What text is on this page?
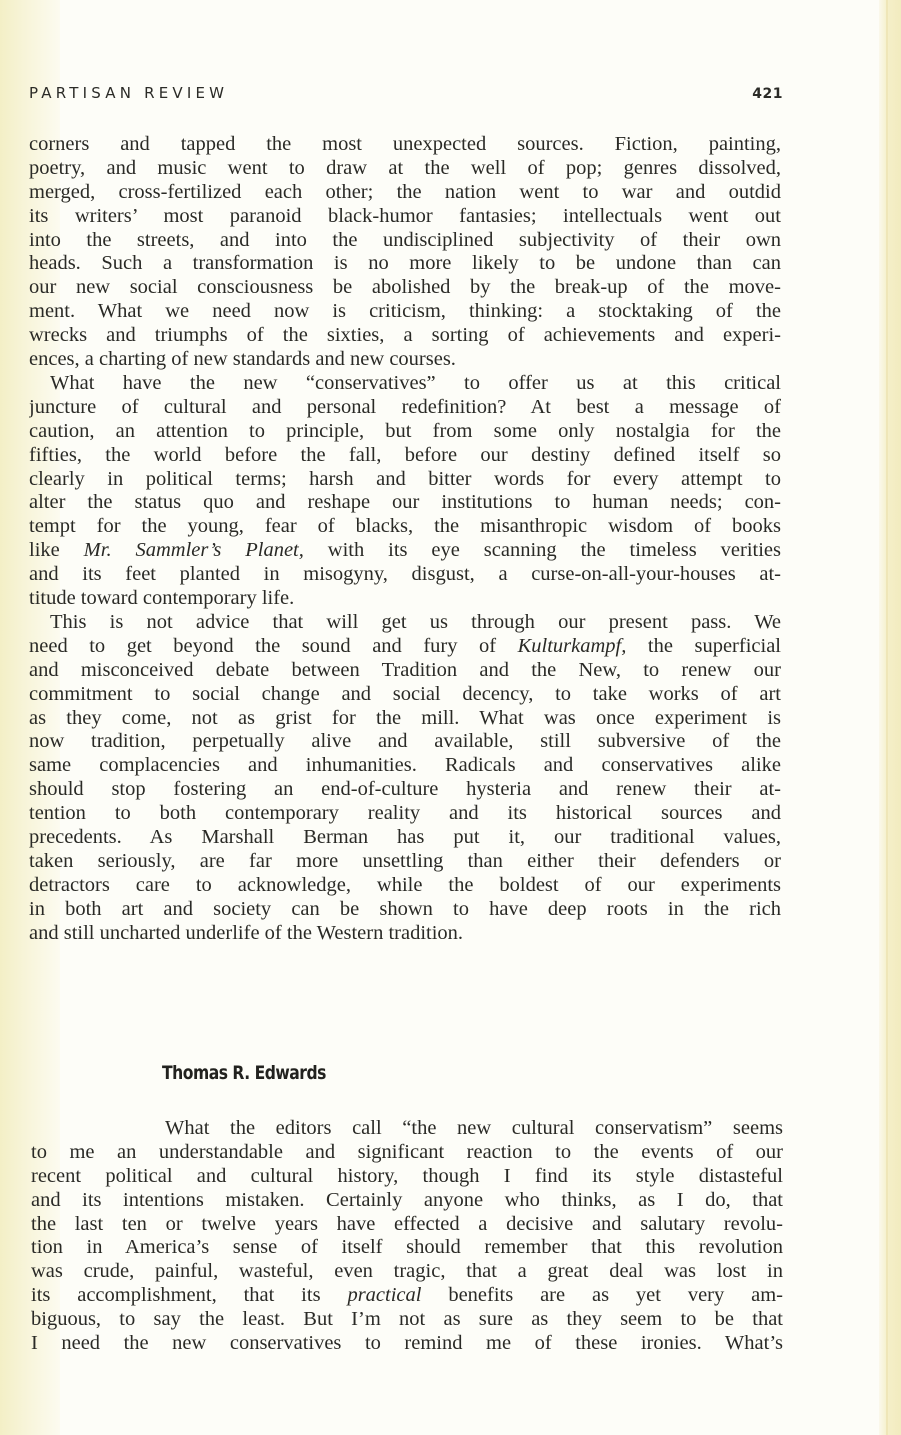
PARTISAN REVIEW	421
corners and tapped the most unexpected sources. Fiction, painting,
poetry, and music went to draw at the well of pop; genres dissolved,
merged, cross-fertilized each other; the nation went to war and outdid
its writers’ most paranoid black-humor fantasies; intellectuals went out
into the streets, and into the undisciplined subjectivity of their own
heads. Such a transformation is no more likely to be undone than can
our new social consciousness be abolished by the break-up of the move-
ment. What we need now is criticism, thinking: a stocktaking of the
wrecks and triumphs of the sixties, a sorting of achievements and experi-
ences, a charting of new standards and new courses.
What have the new “conservatives” to offer us at this critical
juncture of cultural and personal redefinition? At best a message of
caution, an attention to principle, but from some only nostalgia for the
fifties, the world before the fall, before our destiny defined itself so
clearly in political terms; harsh and bitter words for every attempt to
alter the status quo and reshape our institutions to human needs; con-
tempt for the young, fear of blacks, the misanthropic wisdom of books
like Mr. Sammler’s Planet, with its eye scanning the timeless verities
and its feet planted in misogyny, disgust, a curse-on-all-your-houses at-
titude toward contemporary life.
This is not advice that will get us through our present pass. We
need to get beyond the sound and fury of Kulturkampf, the superficial
and misconceived debate between Tradition and the New, to renew our
commitment to social change and social decency, to take works of art
as they come, not as grist for the mill. What was once experiment is
now tradition, perpetually alive and available, still subversive of the
same complacencies and inhumanities. Radicals and conservatives alike
should stop fostering an end-of-culture hysteria and renew their at-
tention to both contemporary reality and its historical sources and
precedents. As Marshall Berman has put it, our traditional values,
taken seriously, are far more unsettling than either their defenders or
detractors care to acknowledge, while the boldest of our experiments
in both art and society can be shown to have deep roots in the rich
and still uncharted underlife of the Western tradition.
Thomas R. Edwards
What the editors call “the new cultural conservatism” seems
to me an understandable and significant reaction to the events of our
recent political and cultural history, though I find its style distasteful
and its intentions mistaken. Certainly anyone who thinks, as I do, that
the last ten or twelve years have effected a decisive and salutary revolu-
tion in America’s sense of itself should remember that this revolution
was crude, painful, wasteful, even tragic, that a great deal was lost in
its accomplishment, that its practical benefits are as yet very am-
biguous, to say the least. But I’m not as sure as they seem to be that
I need the new conservatives to remind me of these ironies. What’s
